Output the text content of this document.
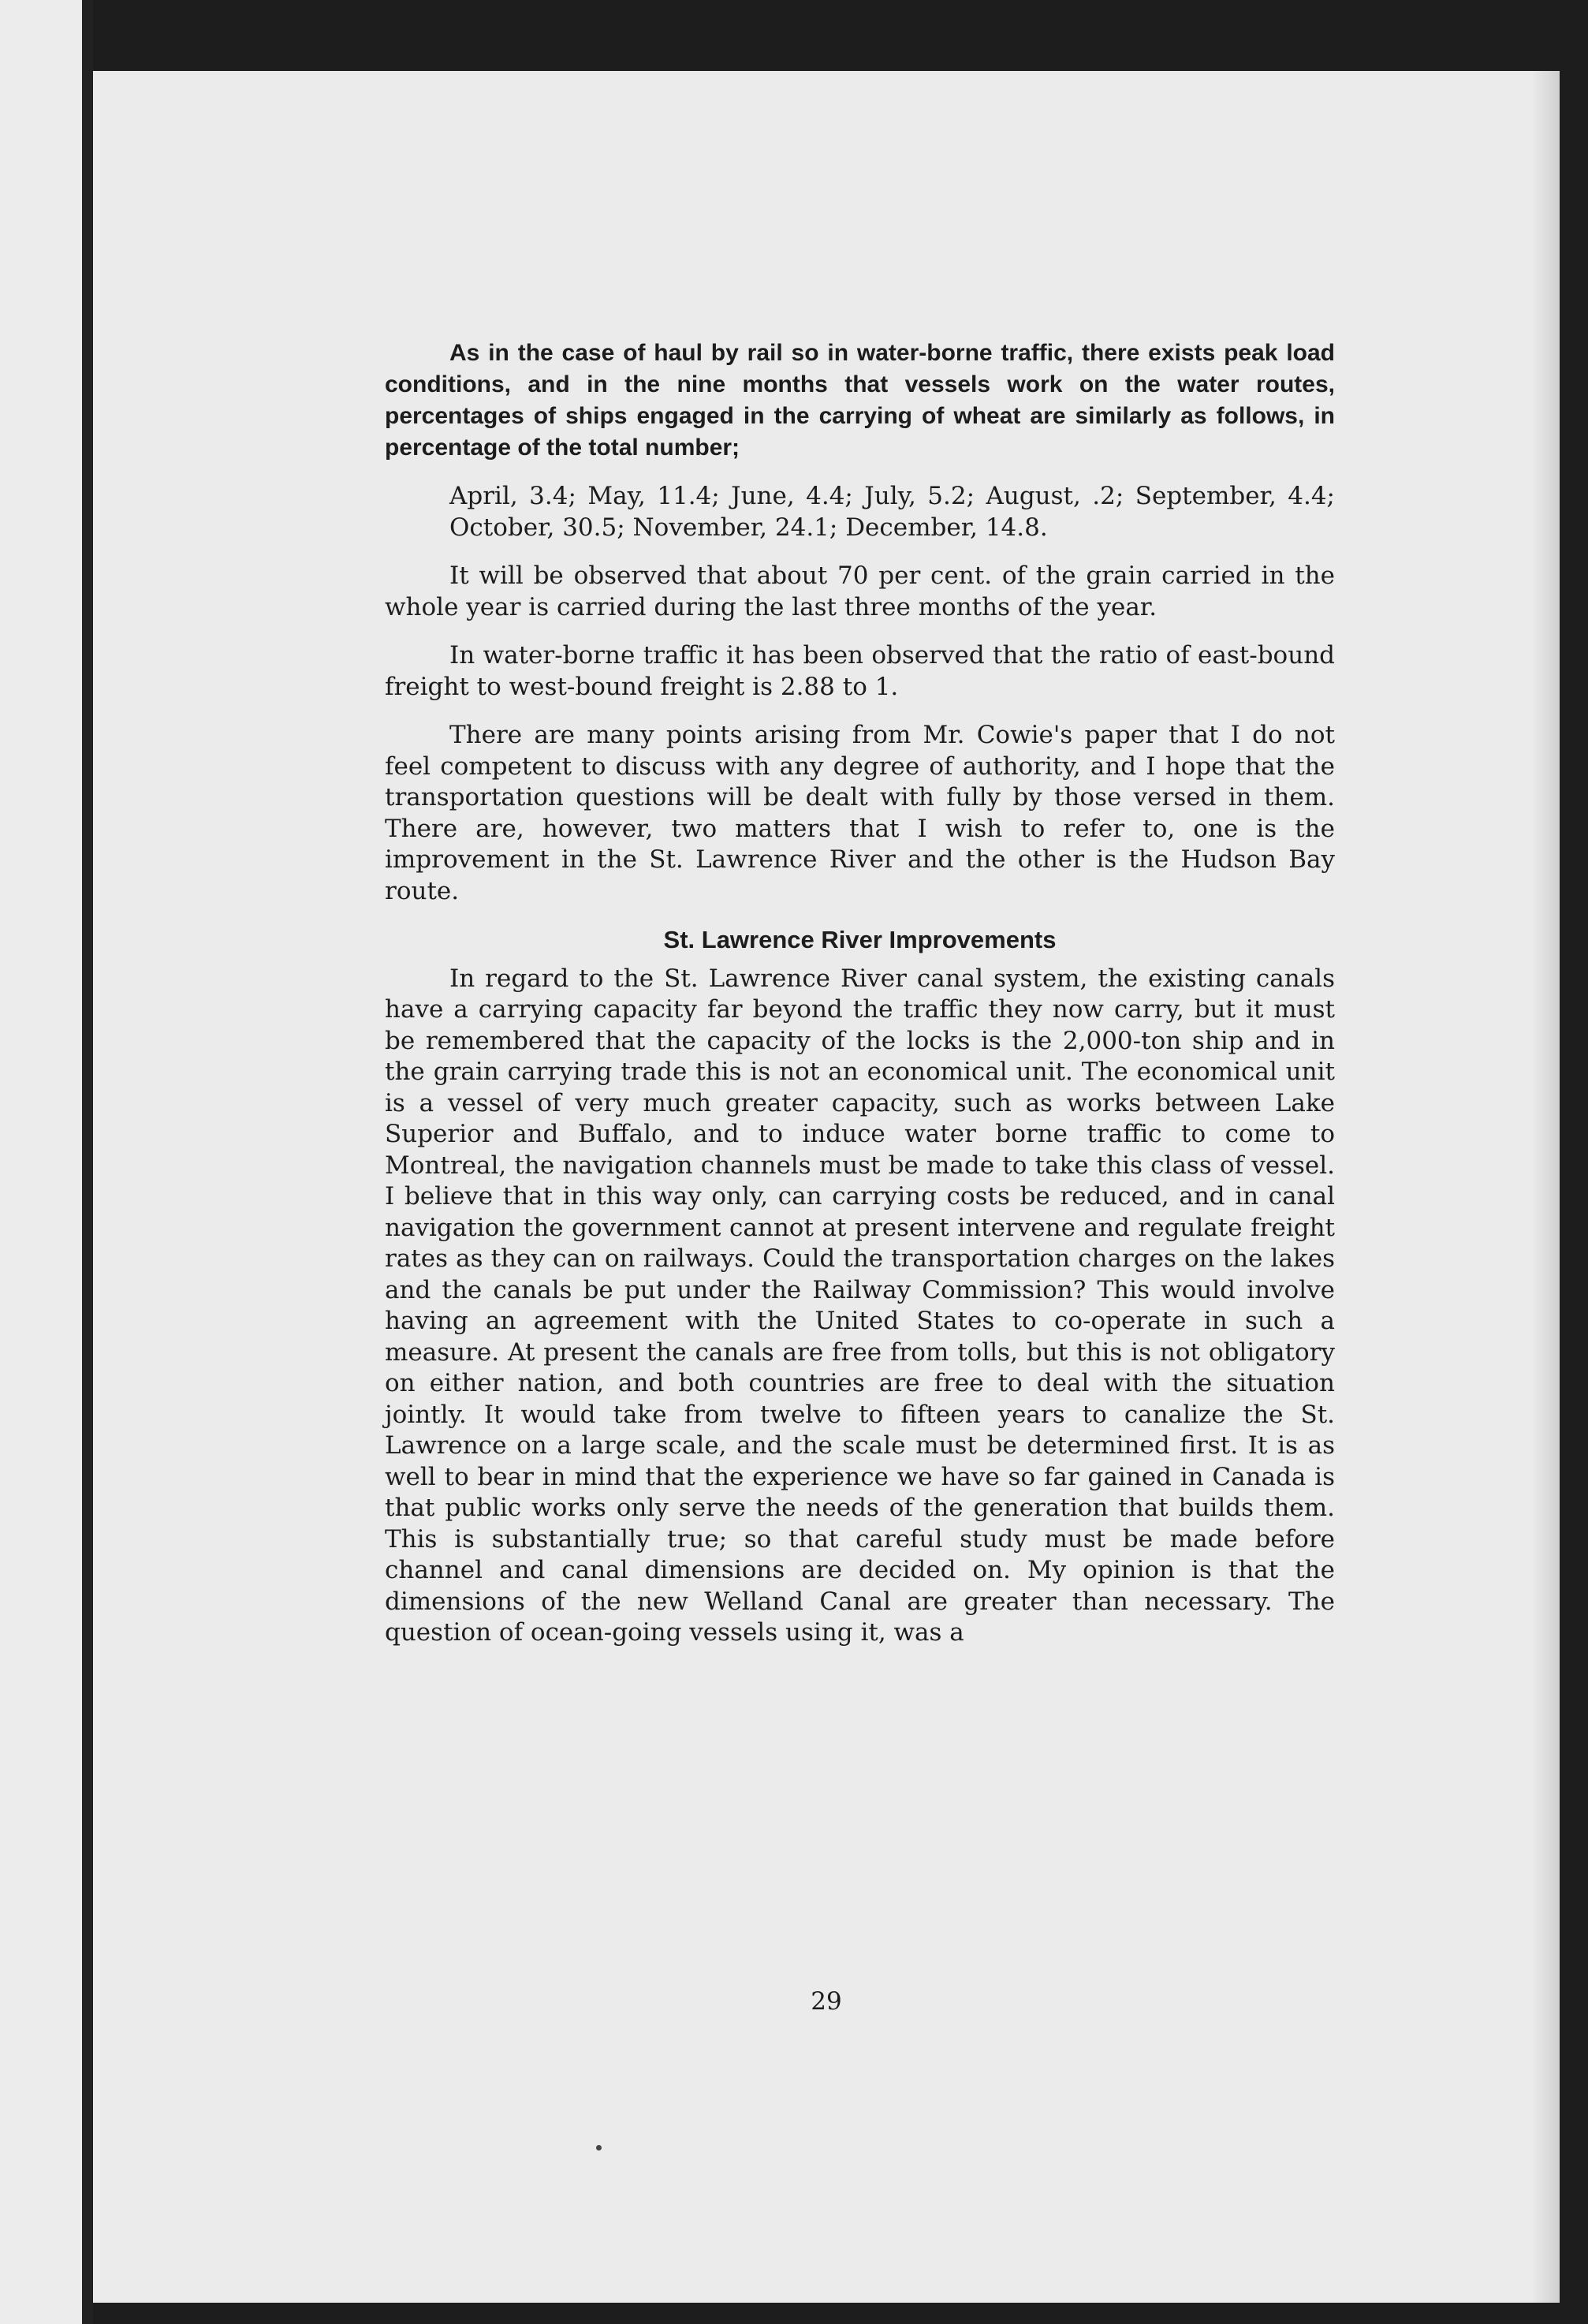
As in the case of haul by rail so in water-borne traffic, there exists peak load conditions, and in the nine months that vessels work on the water routes, percentages of ships engaged in the carrying of wheat are similarly as follows, in percentage of the total number;

April, 3.4; May, 11.4; June, 4.4; July, 5.2; August, .2; September, 4.4; October, 30.5; November, 24.1; December, 14.8.

It will be observed that about 70 per cent. of the grain carried in the whole year is carried during the last three months of the year.

In water-borne traffic it has been observed that the ratio of east-bound freight to west-bound freight is 2.88 to 1.

There are many points arising from Mr. Cowie's paper that I do not feel competent to discuss with any degree of authority, and I hope that the transportation questions will be dealt with fully by those versed in them. There are, however, two matters that I wish to refer to, one is the improvement in the St. Lawrence River and the other is the Hudson Bay route.

St. Lawrence River Improvements

In regard to the St. Lawrence River canal system, the existing canals have a carrying capacity far beyond the traffic they now carry, but it must be remembered that the capacity of the locks is the 2,000-ton ship and in the grain carrying trade this is not an economical unit. The economical unit is a vessel of very much greater capacity, such as works between Lake Superior and Buffalo, and to induce water borne traffic to come to Montreal, the navigation channels must be made to take this class of vessel. I believe that in this way only, can carrying costs be reduced, and in canal navigation the government cannot at present intervene and regulate freight rates as they can on railways. Could the transportation charges on the lakes and the canals be put under the Railway Commission? This would involve having an agreement with the United States to co-operate in such a measure. At present the canals are free from tolls, but this is not obligatory on either nation, and both countries are free to deal with the situation jointly. It would take from twelve to fifteen years to canalize the St. Lawrence on a large scale, and the scale must be determined first. It is as well to bear in mind that the experience we have so far gained in Canada is that public works only serve the needs of the generation that builds them. This is substantially true; so that careful study must be made before channel and canal dimensions are decided on. My opinion is that the dimensions of the new Welland Canal are greater than necessary. The question of ocean-going vessels using it, was a

29
